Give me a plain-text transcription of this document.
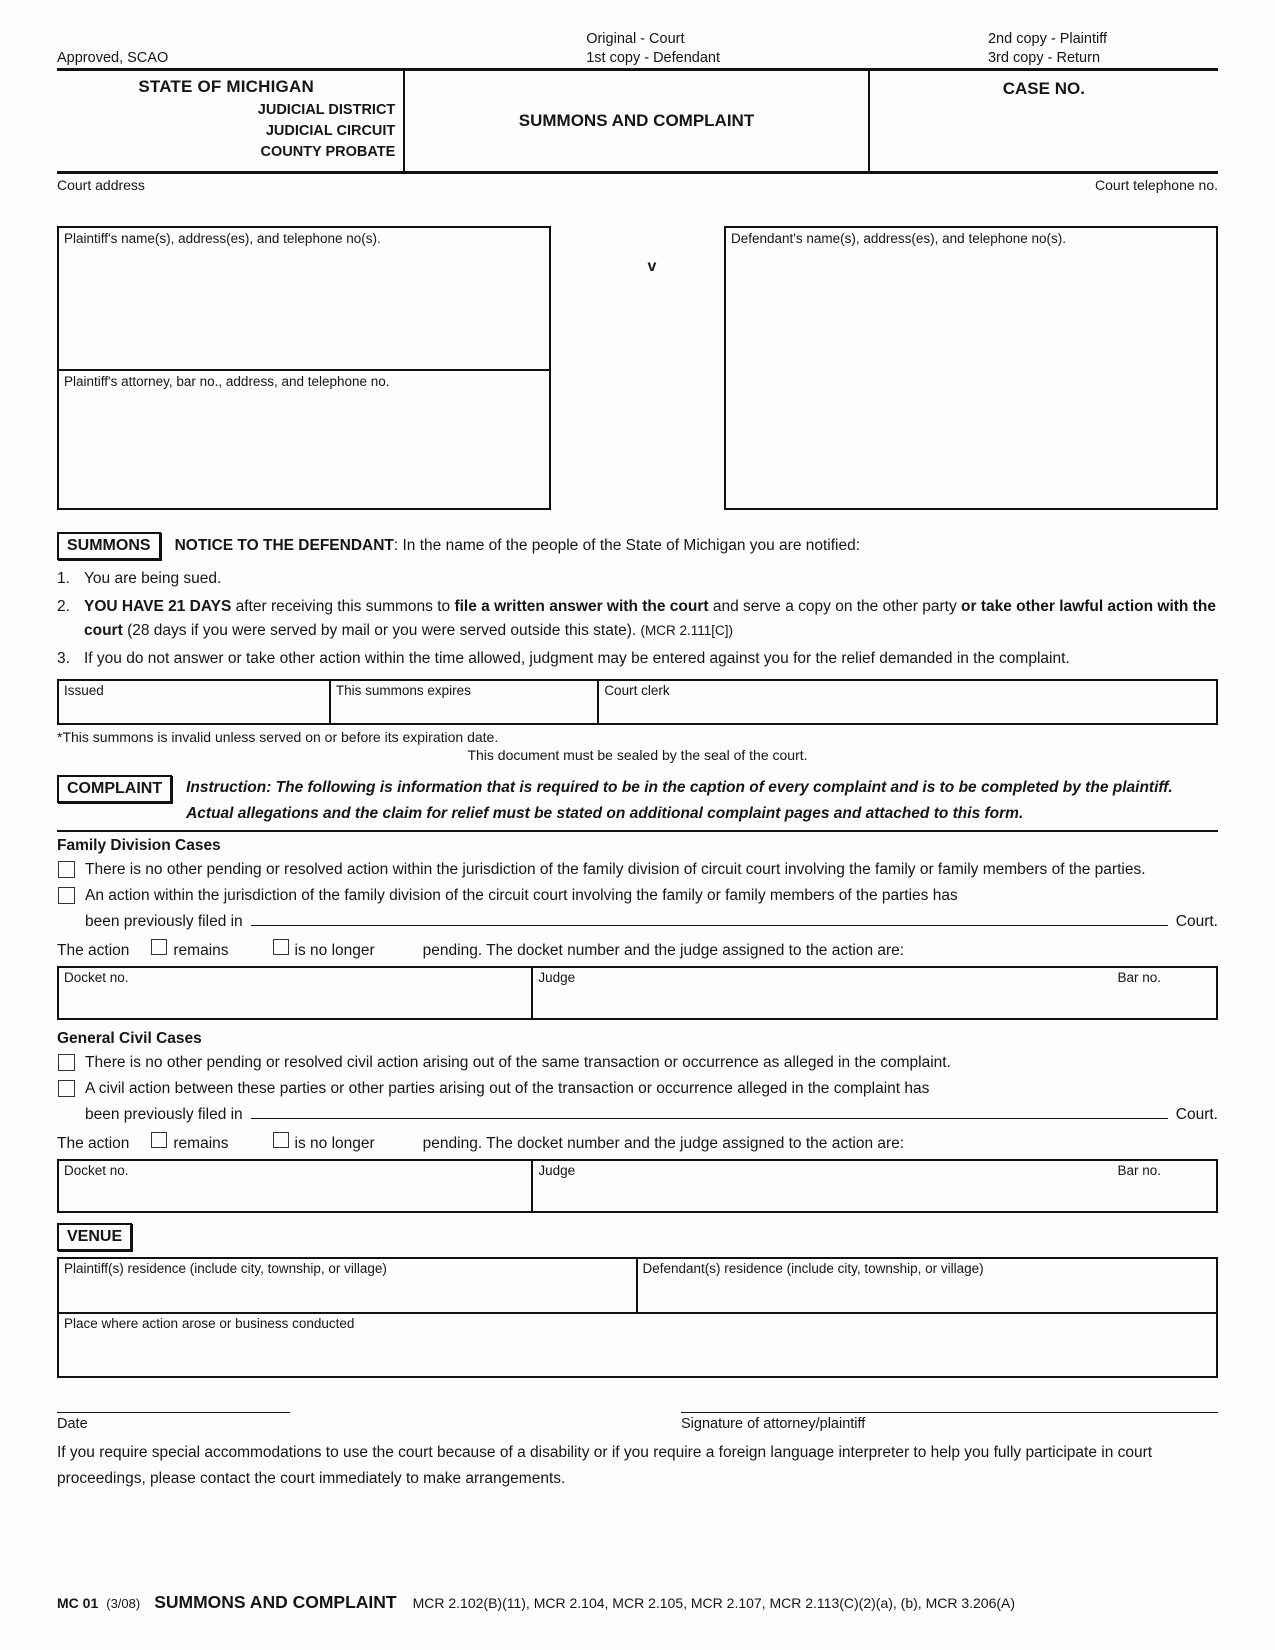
Approved, SCAO
Original - Court
1st copy - Defendant
2nd copy - Plaintiff
3rd copy - Return
STATE OF MICHIGAN
JUDICIAL DISTRICT
JUDICIAL CIRCUIT
COUNTY PROBATE
SUMMONS AND COMPLAINT
CASE NO.
Court address	Court telephone no.
Plaintiff's name(s), address(es), and telephone no(s).
Plaintiff's attorney, bar no., address, and telephone no.
v
Defendant's name(s), address(es), and telephone no(s).
SUMMONS	NOTICE TO THE DEFENDANT: In the name of the people of the State of Michigan you are notified:
1. You are being sued.
2. YOU HAVE 21 DAYS after receiving this summons to file a written answer with the court and serve a copy on the other party or take other lawful action with the court (28 days if you were served by mail or you were served outside this state). (MCR 2.111[C])
3. If you do not answer or take other action within the time allowed, judgment may be entered against you for the relief demanded in the complaint.
Issued	This summons expires	Court clerk
*This summons is invalid unless served on or before its expiration date.
This document must be sealed by the seal of the court.
COMPLAINT	Instruction: The following is information that is required to be in the caption of every complaint and is to be completed by the plaintiff. Actual allegations and the claim for relief must be stated on additional complaint pages and attached to this form.
Family Division Cases
There is no other pending or resolved action within the jurisdiction of the family division of circuit court involving the family or family members of the parties.
An action within the jurisdiction of the family division of the circuit court involving the family or family members of the parties has
been previously filed in	Court.
The action	remains	is no longer	pending. The docket number and the judge assigned to the action are:
Docket no.	Judge	Bar no.
General Civil Cases
There is no other pending or resolved civil action arising out of the same transaction or occurrence as alleged in the complaint.
A civil action between these parties or other parties arising out of the transaction or occurrence alleged in the complaint has
been previously filed in	Court.
The action	remains	is no longer	pending. The docket number and the judge assigned to the action are:
Docket no.	Judge	Bar no.
VENUE
Plaintiff(s) residence (include city, township, or village)	Defendant(s) residence (include city, township, or village)
Place where action arose or business conducted
Date	Signature of attorney/plaintiff
If you require special accommodations to use the court because of a disability or if you require a foreign language interpreter to help you fully participate in court proceedings, please contact the court immediately to make arrangements.
MC 01 (3/08) SUMMONS AND COMPLAINT MCR 2.102(B)(11), MCR 2.104, MCR 2.105, MCR 2.107, MCR 2.113(C)(2)(a), (b), MCR 3.206(A)
